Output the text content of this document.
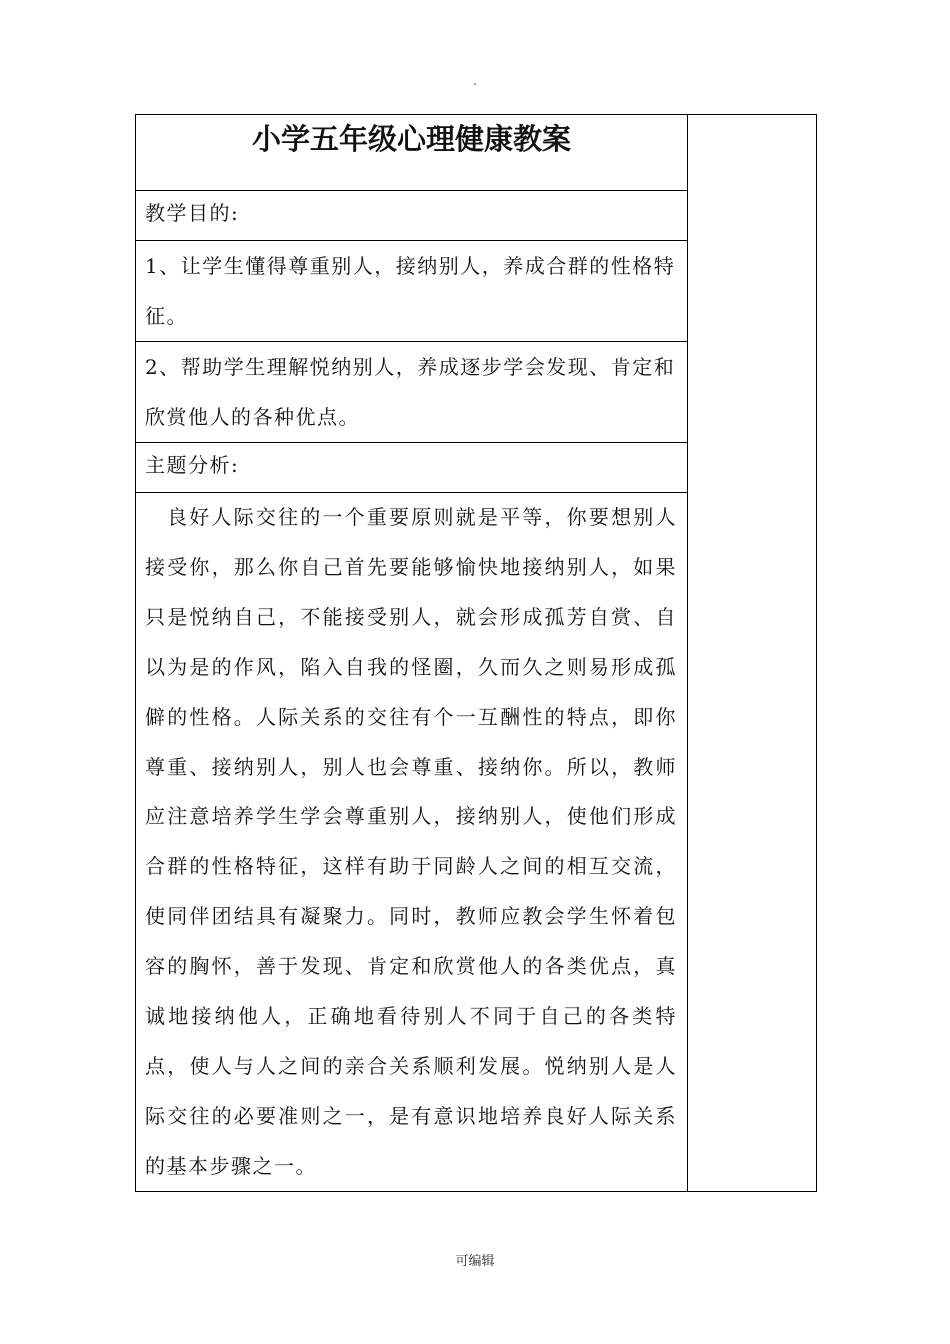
.
小学五年级心理健康教案
教学目的:
1、让学生懂得尊重别人，接纳别人，养成合群的性格特征。
2、帮助学生理解悦纳别人，养成逐步学会发现、肯定和欣赏他人的各种优点。
主题分析:
良好人际交往的一个重要原则就是平等，你要想别人接受你，那么你自己首先要能够愉快地接纳别人，如果只是悦纳自己，不能接受别人，就会形成孤芳自赏、自以为是的作风，陷入自我的怪圈，久而久之则易形成孤僻的性格。人际关系的交往有个一互酬性的特点，即你尊重、接纳别人，别人也会尊重、接纳你。所以，教师应注意培养学生学会尊重别人，接纳别人，使他们形成合群的性格特征，这样有助于同龄人之间的相互交流，使同伴团结具有凝聚力。同时，教师应教会学生怀着包容的胸怀，善于发现、肯定和欣赏他人的各类优点，真诚地接纳他人，正确地看待别人不同于自己的各类特点，使人与人之间的亲合关系顺利发展。悦纳别人是人际交往的必要准则之一，是有意识地培养良好人际关系的基本步骤之一。
可编辑
